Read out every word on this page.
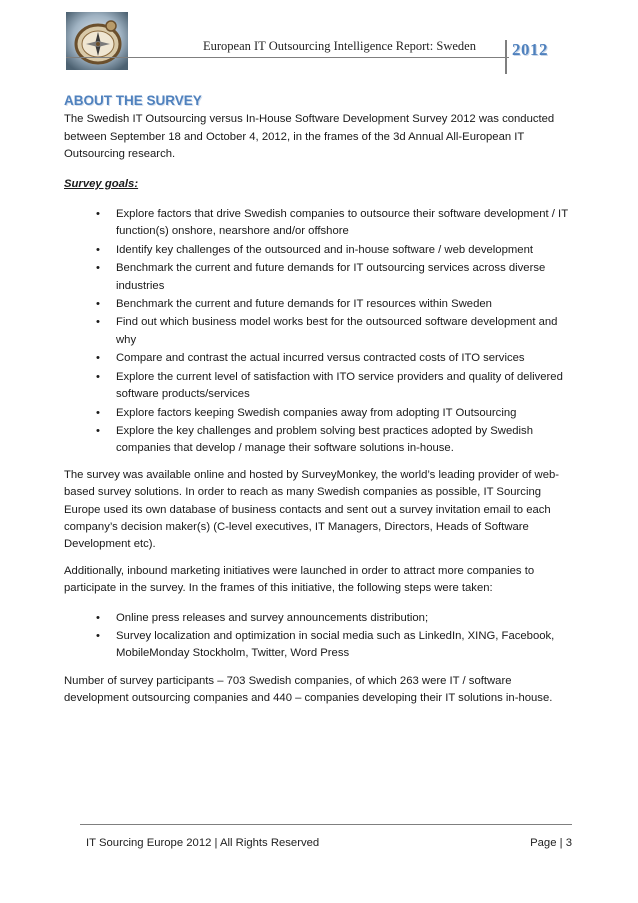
European IT Outsourcing Intelligence Report: Sweden 2012
ABOUT THE SURVEY

The Swedish IT Outsourcing versus In-House Software Development Survey 2012 was conducted between September 18 and October 4, 2012, in the frames of the 3d Annual All-European IT Outsourcing research.

Survey goals:
• Explore factors that drive Swedish companies to outsource their software development / IT function(s) onshore, nearshore and/or offshore
• Identify key challenges of the outsourced and in-house software / web development
• Benchmark the current and future demands for IT outsourcing services across diverse industries
• Benchmark the current and future demands for IT resources within Sweden
• Find out which business model works best for the outsourced software development and why
• Compare and contrast the actual incurred versus contracted costs of ITO services
• Explore the current level of satisfaction with ITO service providers and quality of delivered software products/services
• Explore factors keeping Swedish companies away from adopting IT Outsourcing
• Explore the key challenges and problem solving best practices adopted by Swedish companies that develop / manage their software solutions in-house.

The survey was available online and hosted by SurveyMonkey, the world’s leading provider of web-based survey solutions. In order to reach as many Swedish companies as possible, IT Sourcing Europe used its own database of business contacts and sent out a survey invitation email to each company’s decision maker(s) (C-level executives, IT Managers, Directors, Heads of Software Development etc).

Additionally, inbound marketing initiatives were launched in order to attract more companies to participate in the survey. In the frames of this initiative, the following steps were taken:

• Online press releases and survey announcements distribution;
• Survey localization and optimization in social media such as LinkedIn, XING, Facebook, MobileMonday Stockholm, Twitter, Word Press

Number of survey participants – 703 Swedish companies, of which 263 were IT / software development outsourcing companies and 440 – companies developing their IT solutions in-house.

IT Sourcing Europe 2012 | All Rights Reserved	Page | 3
